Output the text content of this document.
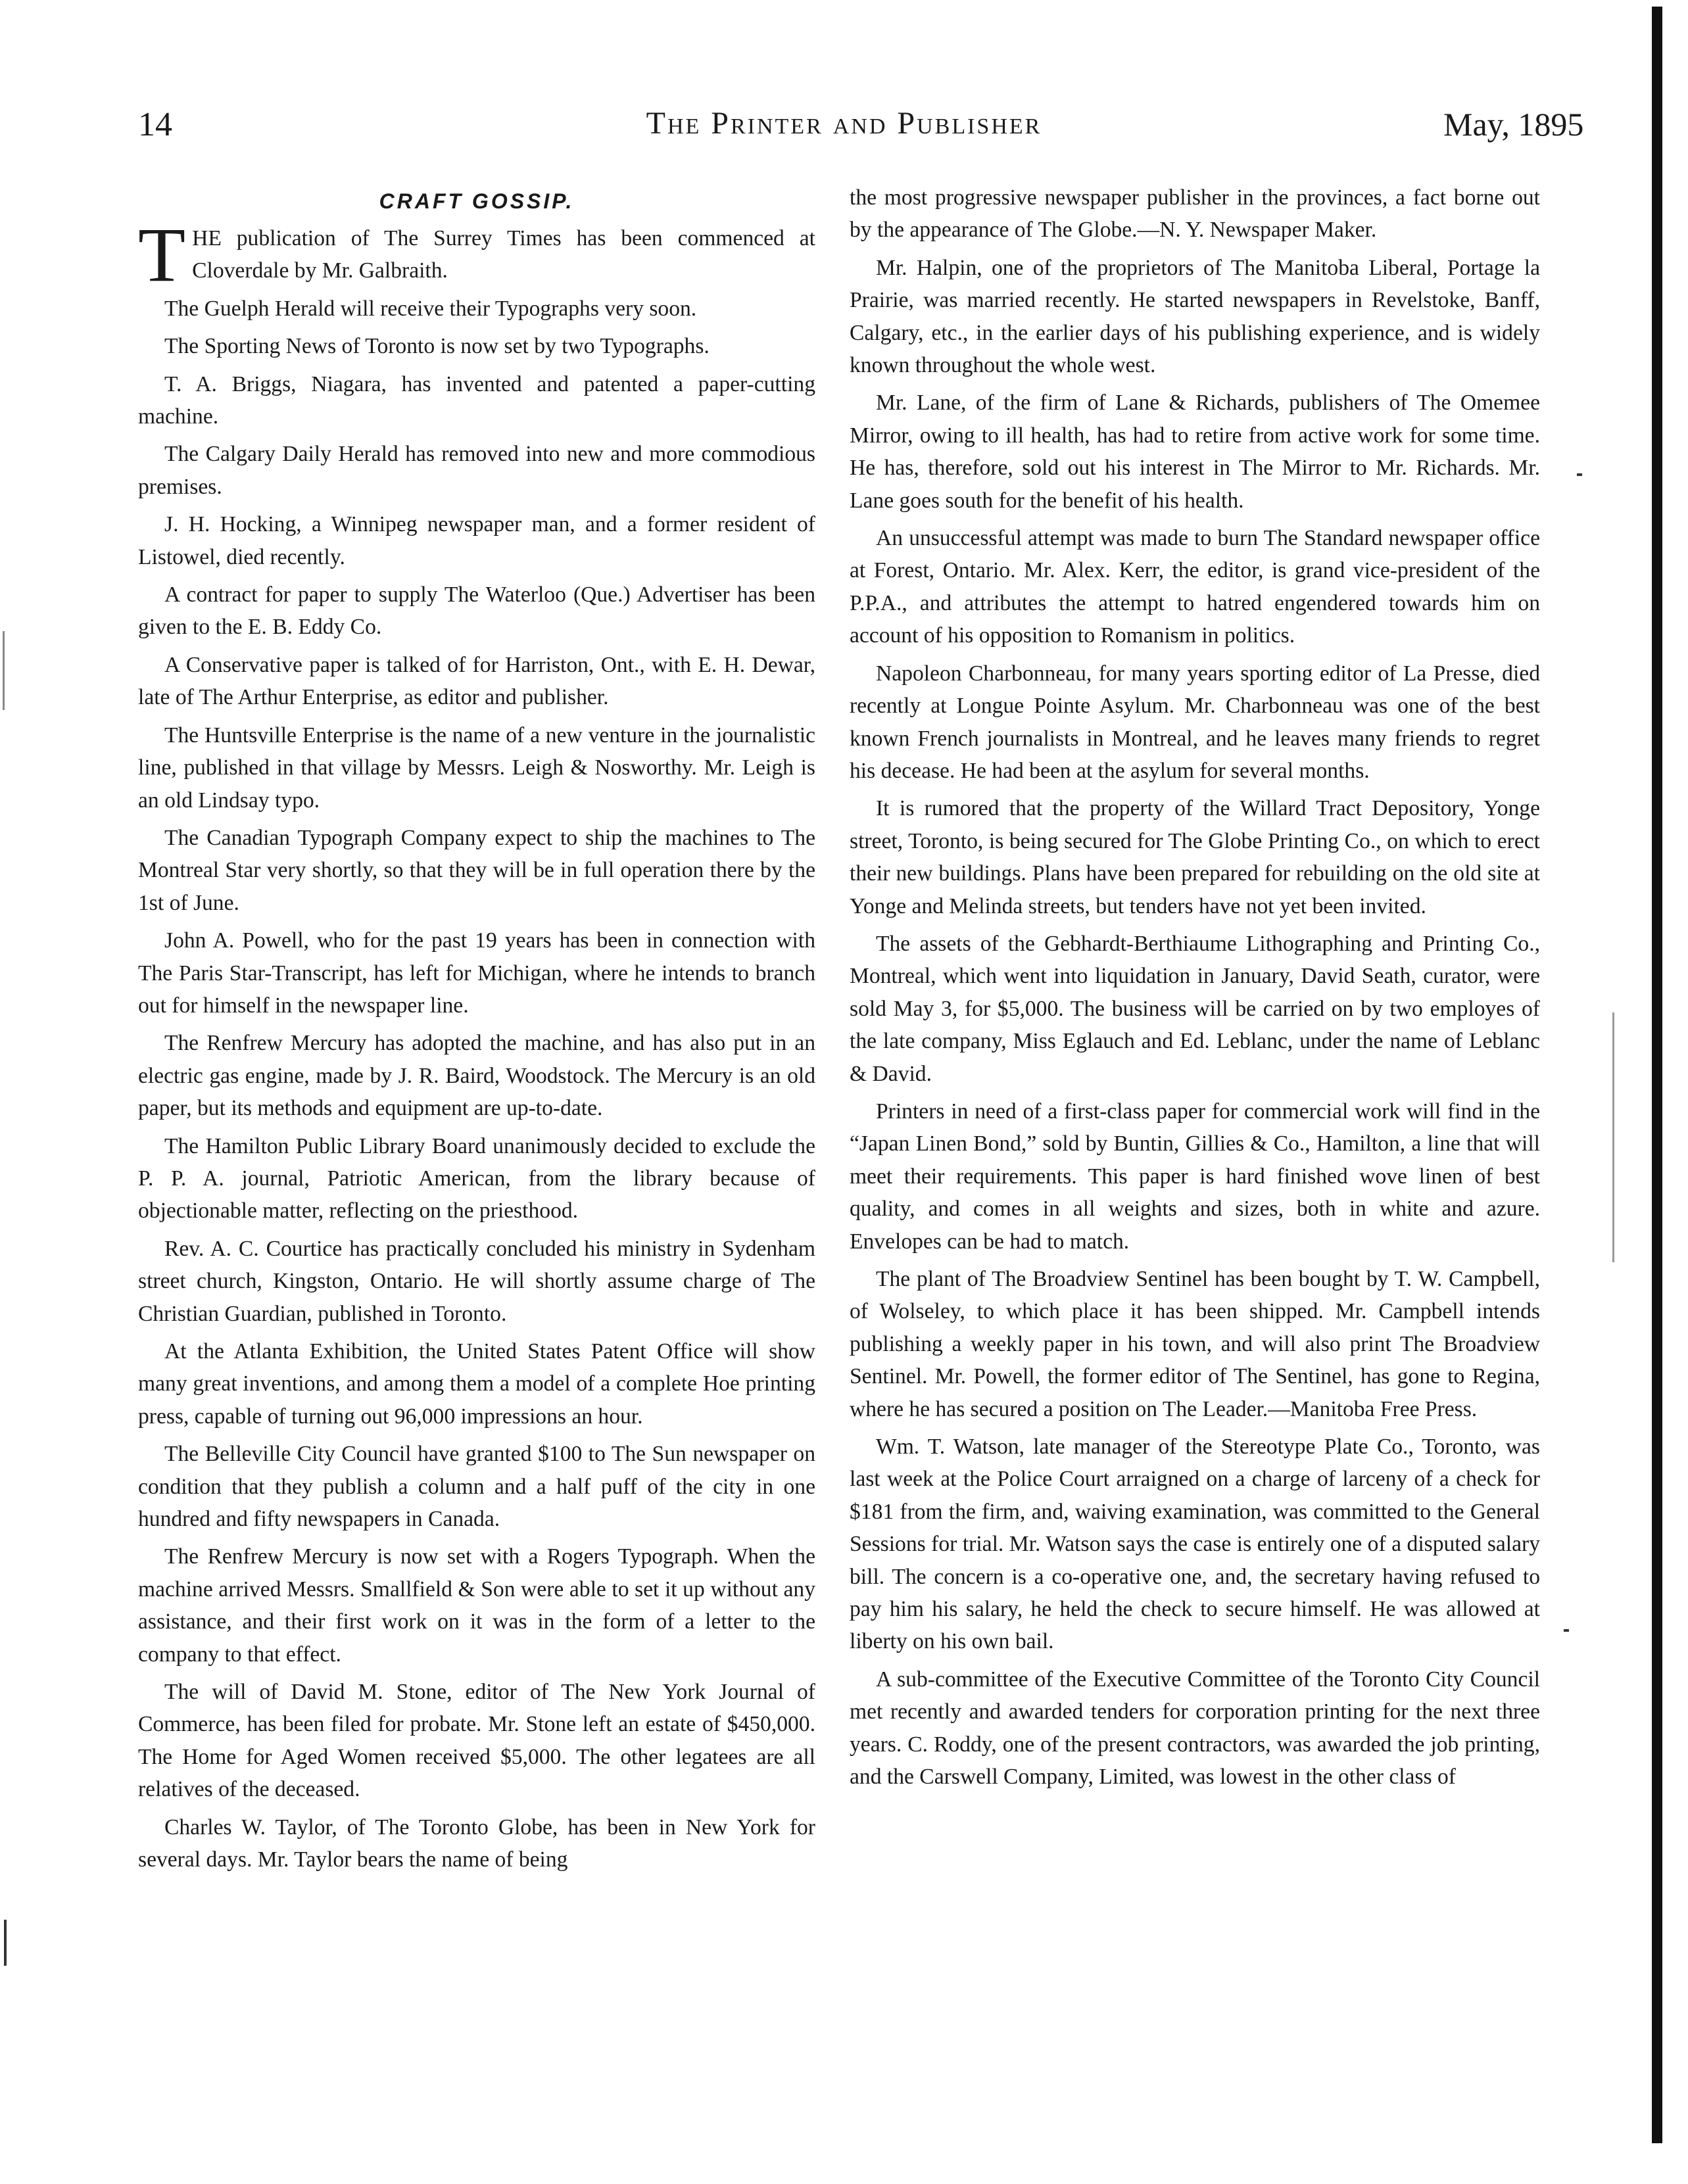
14	The Printer and Publisher	May, 1895
CRAFT GOSSIP.

THE publication of The Surrey Times has been commenced at Cloverdale by Mr. Galbraith.

The Guelph Herald will receive their Typographs very soon.

The Sporting News of Toronto is now set by two Typographs.

T. A. Briggs, Niagara, has invented and patented a paper-cutting machine.

The Calgary Daily Herald has removed into new and more commodious premises.

J. H. Hocking, a Winnipeg newspaper man, and a former resident of Listowel, died recently.

A contract for paper to supply The Waterloo (Que.) Advertiser has been given to the E. B. Eddy Co.

A Conservative paper is talked of for Harriston, Ont., with E. H. Dewar, late of The Arthur Enterprise, as editor and publisher.

The Huntsville Enterprise is the name of a new venture in the journalistic line, published in that village by Messrs. Leigh & Nosworthy. Mr. Leigh is an old Lindsay typo.

The Canadian Typograph Company expect to ship the machines to The Montreal Star very shortly, so that they will be in full operation there by the 1st of June.

John A. Powell, who for the past 19 years has been in connection with The Paris Star-Transcript, has left for Michigan, where he intends to branch out for himself in the newspaper line.

The Renfrew Mercury has adopted the machine, and has also put in an electric gas engine, made by J. R. Baird, Woodstock. The Mercury is an old paper, but its methods and equipment are up-to-date.

The Hamilton Public Library Board unanimously decided to exclude the P. P. A. journal, Patriotic American, from the library because of objectionable matter, reflecting on the priesthood.

Rev. A. C. Courtice has practically concluded his ministry in Sydenham street church, Kingston, Ontario. He will shortly assume charge of The Christian Guardian, published in Toronto.

At the Atlanta Exhibition, the United States Patent Office will show many great inventions, and among them a model of a complete Hoe printing press, capable of turning out 96,000 impressions an hour.

The Belleville City Council have granted $100 to The Sun newspaper on condition that they publish a column and a half puff of the city in one hundred and fifty newspapers in Canada.

The Renfrew Mercury is now set with a Rogers Typograph. When the machine arrived Messrs. Smallfield & Son were able to set it up without any assistance, and their first work on it was in the form of a letter to the company to that effect.

The will of David M. Stone, editor of The New York Journal of Commerce, has been filed for probate. Mr. Stone left an estate of $450,000. The Home for Aged Women received $5,000. The other legatees are all relatives of the deceased.

Charles W. Taylor, of The Toronto Globe, has been in New York for several days. Mr. Taylor bears the name of being

the most progressive newspaper publisher in the provinces, a fact borne out by the appearance of The Globe.—N. Y. Newspaper Maker.

Mr. Halpin, one of the proprietors of The Manitoba Liberal, Portage la Prairie, was married recently. He started newspapers in Revelstoke, Banff, Calgary, etc., in the earlier days of his publishing experience, and is widely known throughout the whole west.

Mr. Lane, of the firm of Lane & Richards, publishers of The Omemee Mirror, owing to ill health, has had to retire from active work for some time. He has, therefore, sold out his interest in The Mirror to Mr. Richards. Mr. Lane goes south for the benefit of his health.

An unsuccessful attempt was made to burn The Standard newspaper office at Forest, Ontario. Mr. Alex. Kerr, the editor, is grand vice-president of the P.P.A., and attributes the attempt to hatred engendered towards him on account of his opposition to Romanism in politics.

Napoleon Charbonneau, for many years sporting editor of La Presse, died recently at Longue Pointe Asylum. Mr. Charbonneau was one of the best known French journalists in Montreal, and he leaves many friends to regret his decease. He had been at the asylum for several months.

It is rumored that the property of the Willard Tract Depository, Yonge street, Toronto, is being secured for The Globe Printing Co., on which to erect their new buildings. Plans have been prepared for rebuilding on the old site at Yonge and Melinda streets, but tenders have not yet been invited.

The assets of the Gebhardt-Berthiaume Lithographing and Printing Co., Montreal, which went into liquidation in January, David Seath, curator, were sold May 3, for $5,000. The business will be carried on by two employes of the late company, Miss Eglauch and Ed. Leblanc, under the name of Leblanc & David.

Printers in need of a first-class paper for commercial work will find in the “Japan Linen Bond,” sold by Buntin, Gillies & Co., Hamilton, a line that will meet their requirements. This paper is hard finished wove linen of best quality, and comes in all weights and sizes, both in white and azure. Envelopes can be had to match.

The plant of The Broadview Sentinel has been bought by T. W. Campbell, of Wolseley, to which place it has been shipped. Mr. Campbell intends publishing a weekly paper in his town, and will also print The Broadview Sentinel. Mr. Powell, the former editor of The Sentinel, has gone to Regina, where he has secured a position on The Leader.—Manitoba Free Press.

Wm. T. Watson, late manager of the Stereotype Plate Co., Toronto, was last week at the Police Court arraigned on a charge of larceny of a check for $181 from the firm, and, waiving examination, was committed to the General Sessions for trial. Mr. Watson says the case is entirely one of a disputed salary bill. The concern is a co-operative one, and, the secretary having refused to pay him his salary, he held the check to secure himself. He was allowed at liberty on his own bail.

A sub-committee of the Executive Committee of the Toronto City Council met recently and awarded tenders for corporation printing for the next three years. C. Roddy, one of the present contractors, was awarded the job printing, and the Carswell Company, Limited, was lowest in the other class of
